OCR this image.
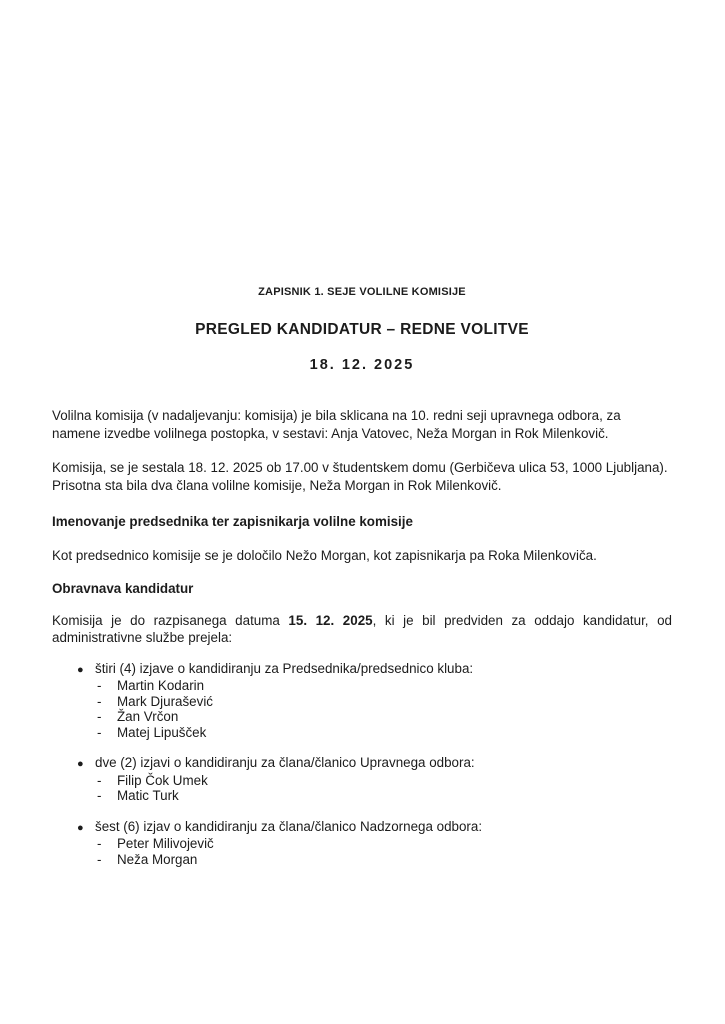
ZAPISNIK 1. SEJE VOLILNE KOMISIJE

PREGLED KANDIDATUR – REDNE VOLITVE

18. 12. 2025

Volilna komisija (v nadaljevanju: komisija) je bila sklicana na 10. redni seji upravnega odbora, za namene izvedbe volilnega postopka, v sestavi: Anja Vatovec, Neža Morgan in Rok Milenkovič.

Komisija, se je sestala 18. 12. 2025 ob 17.00 v študentskem domu (Gerbičeva ulica 53, 1000 Ljubljana). Prisotna sta bila dva člana volilne komisije, Neža Morgan in Rok Milenkovič.

Imenovanje predsednika ter zapisnikarja volilne komisije

Kot predsednico komisije se je določilo Nežo Morgan, kot zapisnikarja pa Roka Milenkoviča.

Obravnava kandidatur

Komisija je do razpisanega datuma 15. 12. 2025, ki je bil predviden za oddajo kandidatur, od administrativne službe prejela:

● štiri (4) izjave o kandidiranju za Predsednika/predsednico kluba:
-	Martin Kodarin
-	Mark Djurašević
-	Žan Vrčon
-	Matej Lipušček
● dve (2) izjavi o kandidiranju za člana/članico Upravnega odbora:
-	Filip Čok Umek
-	Matic Turk
● šest (6) izjav o kandidiranju za člana/članico Nadzornega odbora:
-	Peter Milivojevič
-	Neža Morgan
